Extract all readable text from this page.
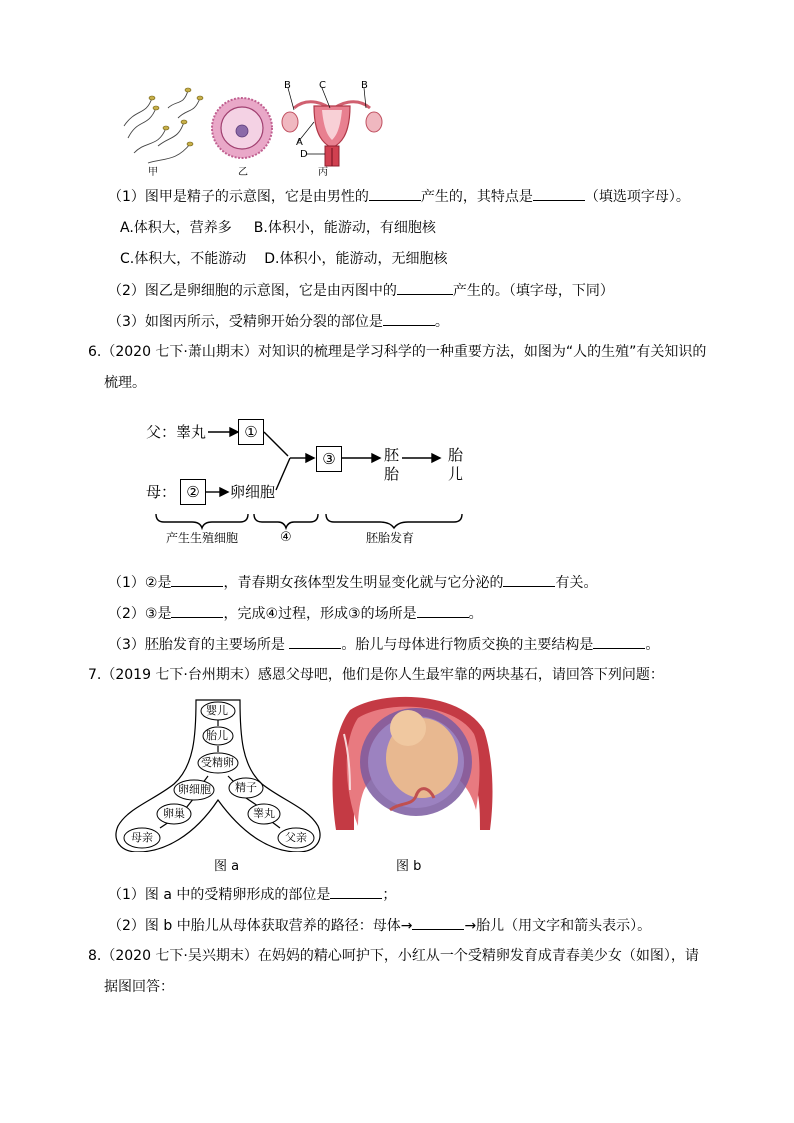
B	C	B
A
D
甲	乙	丙
（1）图甲是精子的示意图，它是由男性的	产生的，其特点是	（填选项字母）。
A.体积大，营养多 B.体积小，能游动，有细胞核
C.体积大，不能游动 D.体积小，能游动，无细胞核
（2）图乙是卵细胞的示意图，它是由丙图中的	产生的。（填字母，下同）
（3）如图丙所示，受精卵开始分裂的部位是	。
6.（2020 七下·萧山期末）对知识的梳理是学习科学的一种重要方法，如图为“人的生殖”有关知识的
梳理。
父：睾丸	①
母： ②	卵细胞
③	胚
胎
胎
儿
产生生殖细胞	④	胚胎发育
（1）②是	，青春期女孩体型发生明显变化就与它分泌的	有关。
（2）③是	，完成④过程，形成③的场所是	。
（3）胚胎发育的主要场所是	。胎儿与母体进行物质交换的主要结构是	。
7.（2019 七下·台州期末）感恩父母吧，他们是你人生最牢靠的两块基石，请回答下列问题：
婴儿
胎儿
受精卵
卵细胞 精子
卵巢	睾丸
母亲	父亲
图 a	图 b
（1）图 a 中的受精卵形成的部位是	；
（2）图 b 中胎儿从母体获取营养的路径：母体→	→胎儿（用文字和箭头表示）。
8.（2020 七下·吴兴期末）在妈妈的精心呵护下，小红从一个受精卵发育成青春美少女（如图），请
据图回答：
